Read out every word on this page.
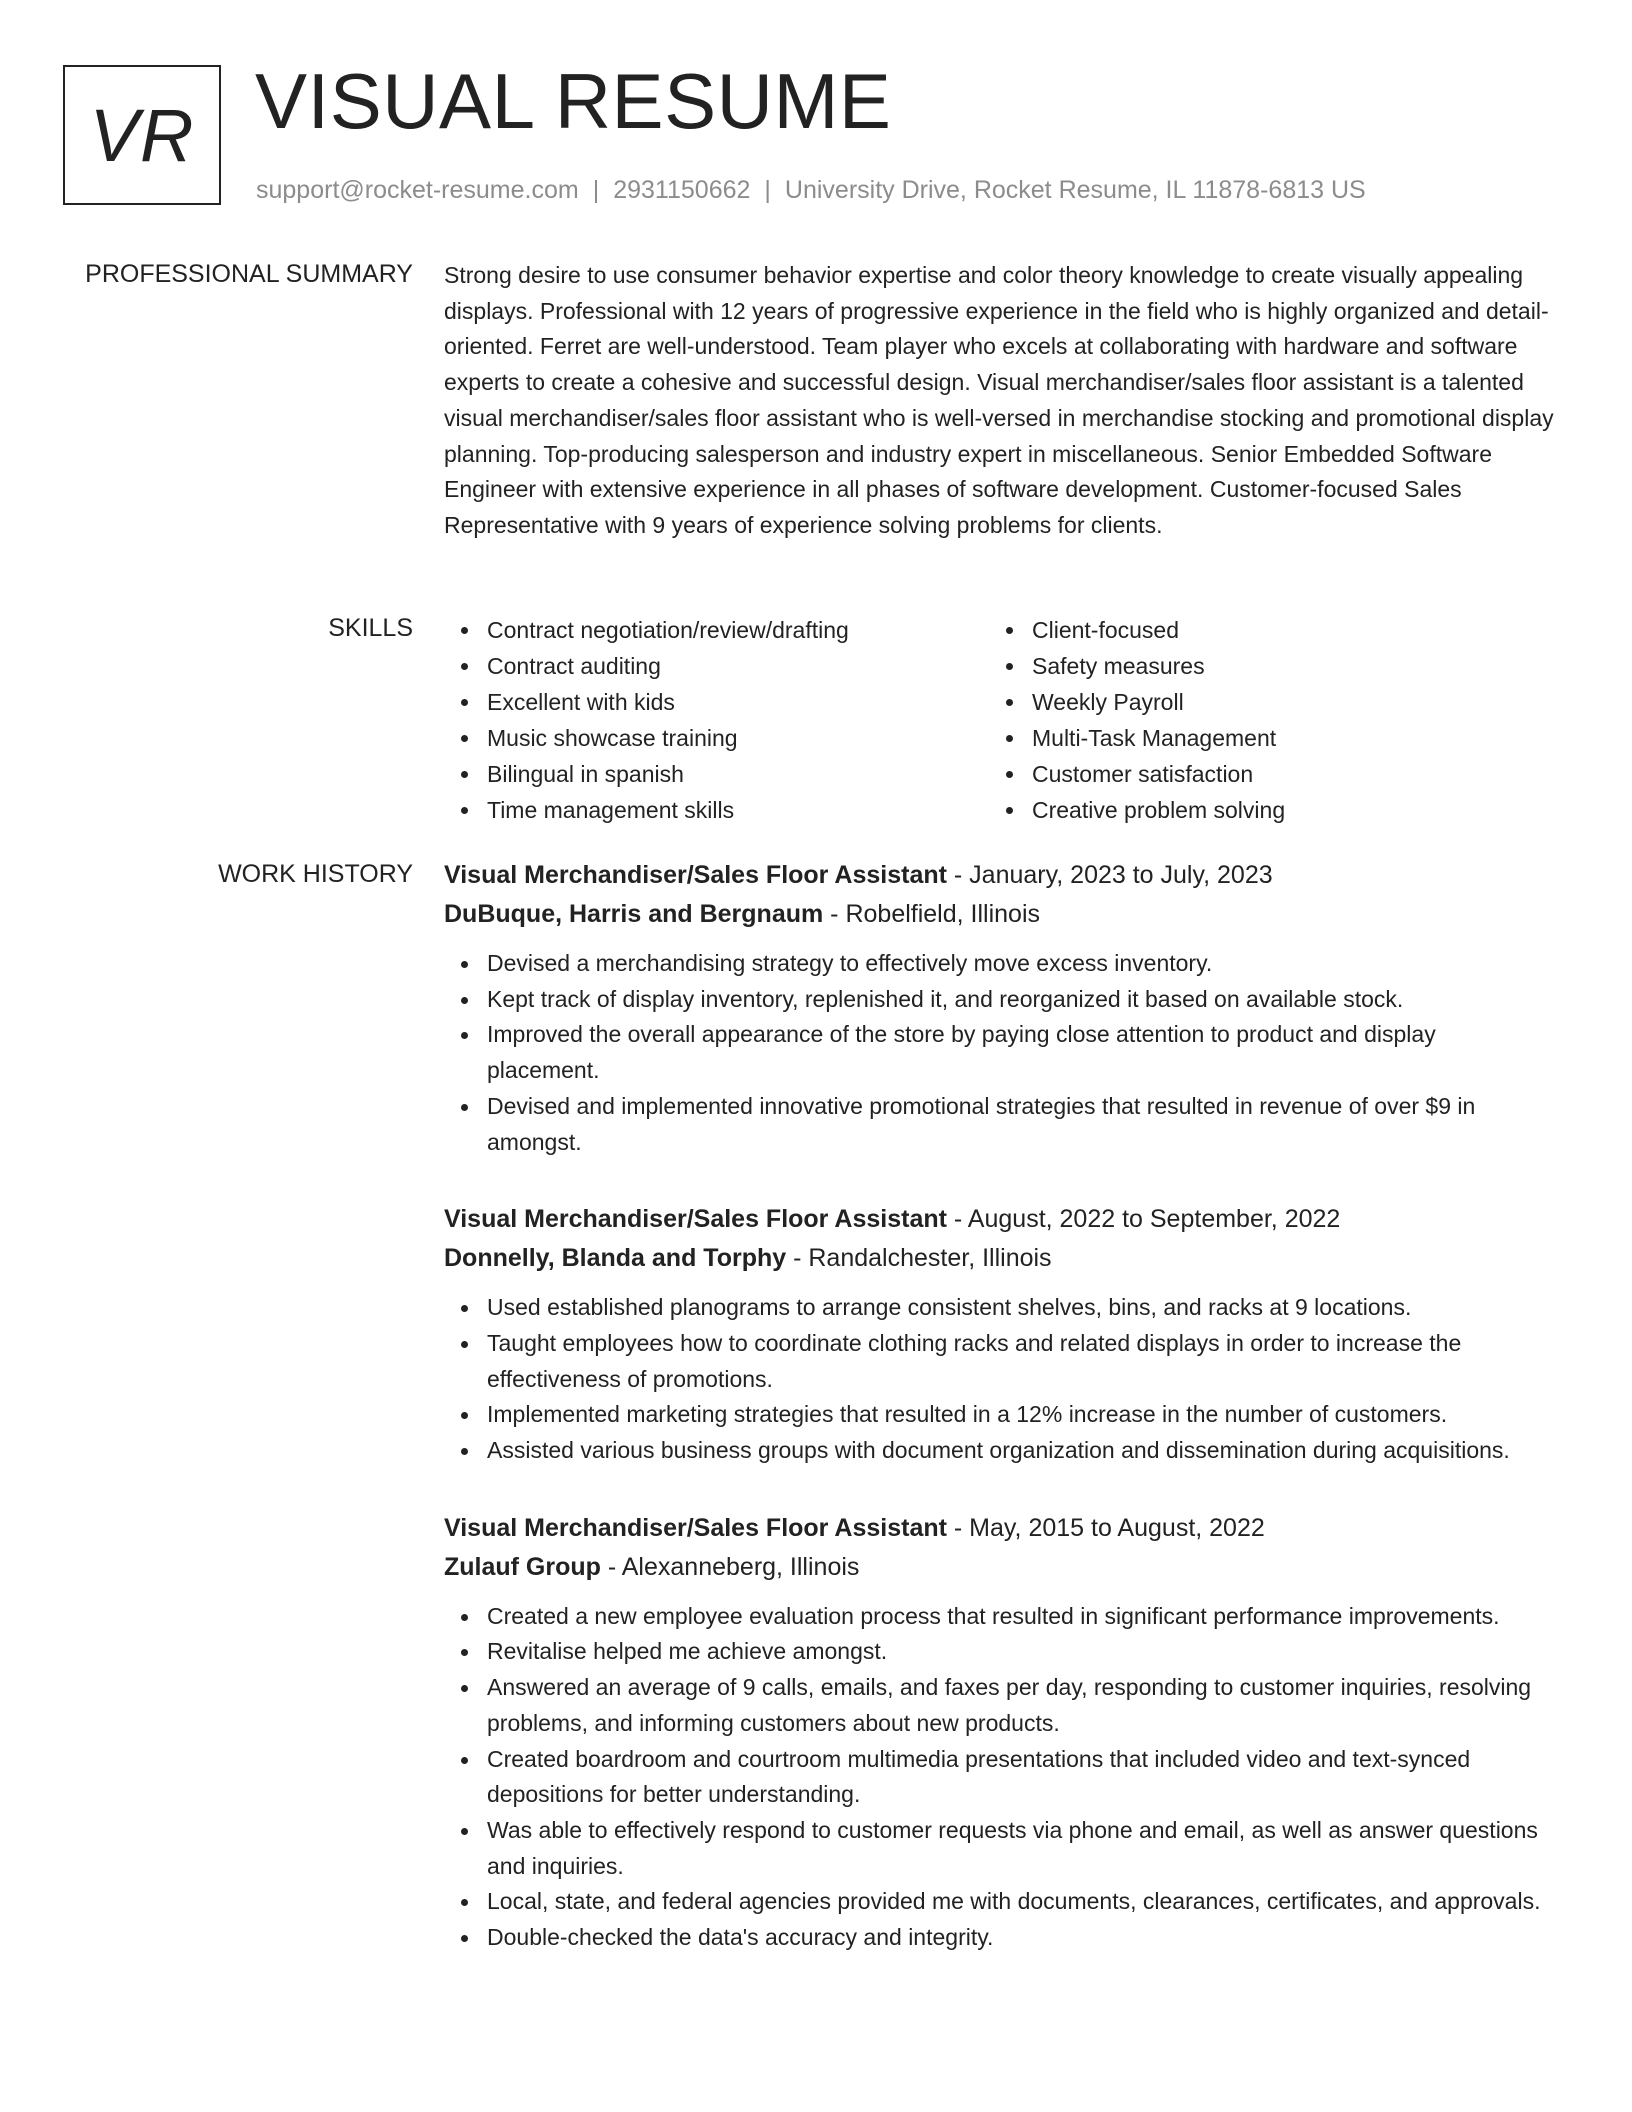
VR VISUAL RESUME
support@rocket-resume.com | 2931150662 | University Drive, Rocket Resume, IL 11878-6813 US
PROFESSIONAL SUMMARY Strong desire to use consumer behavior expertise and color theory knowledge to create visually appealing displays. Professional with 12 years of progressive experience in the field who is highly organized and detail-oriented. Ferret are well-understood. Team player who excels at collaborating with hardware and software experts to create a cohesive and successful design. Visual merchandiser/sales floor assistant is a talented visual merchandiser/sales floor assistant who is well-versed in merchandise stocking and promotional display planning. Top-producing salesperson and industry expert in miscellaneous. Senior Embedded Software Engineer with extensive experience in all phases of software development. Customer-focused Sales Representative with 9 years of experience solving problems for clients.

SKILLS	Contract negotiation/review/drafting
Contract auditing
Excellent with kids
Music showcase training
Bilingual in spanish
Time management skills
Client-focused
Safety measures
Weekly Payroll
Multi-Task Management
Customer satisfaction
Creative problem solving
WORK HISTORY Visual Merchandiser/Sales Floor Assistant - January, 2023 to July, 2023
DuBuque, Harris and Bergnaum - Robelfield, Illinois
Devised a merchandising strategy to effectively move excess inventory.
Kept track of display inventory, replenished it, and reorganized it based on available stock.
Improved the overall appearance of the store by paying close attention to product and display placement.
Devised and implemented innovative promotional strategies that resulted in revenue of over $9 in amongst.
Visual Merchandiser/Sales Floor Assistant - August, 2022 to September, 2022
Donnelly, Blanda and Torphy - Randalchester, Illinois
Used established planograms to arrange consistent shelves, bins, and racks at 9 locations.
Taught employees how to coordinate clothing racks and related displays in order to increase the effectiveness of promotions.
Implemented marketing strategies that resulted in a 12% increase in the number of customers.
Assisted various business groups with document organization and dissemination during acquisitions.
Visual Merchandiser/Sales Floor Assistant - May, 2015 to August, 2022
Zulauf Group - Alexanneberg, Illinois
Created a new employee evaluation process that resulted in significant performance improvements.
Revitalise helped me achieve amongst.
Answered an average of 9 calls, emails, and faxes per day, responding to customer inquiries, resolving problems, and informing customers about new products.
Created boardroom and courtroom multimedia presentations that included video and text-synced depositions for better understanding.
Was able to effectively respond to customer requests via phone and email, as well as answer questions and inquiries.
Local, state, and federal agencies provided me with documents, clearances, certificates, and approvals.
Double-checked the data's accuracy and integrity.
